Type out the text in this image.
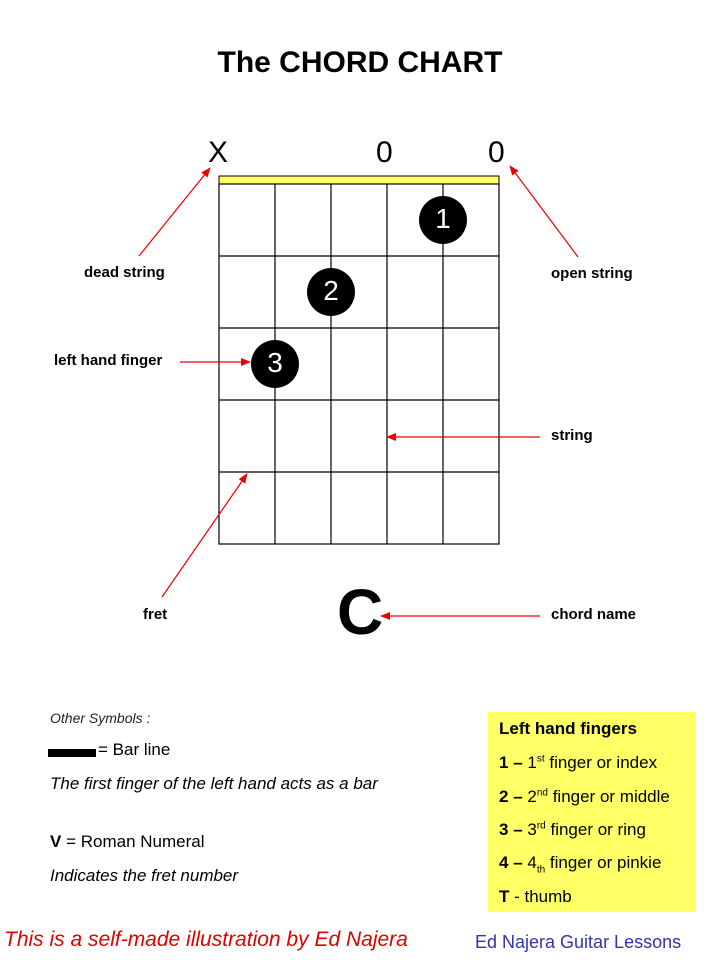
The CHORD CHART
X	0	0
1
2
3
dead string	open string
left hand finger
string
fret	chord name
C
Other Symbols :
= Bar line
The first finger of the left hand acts as a bar
V = Roman Numeral
Indicates the fret number
Left hand fingers
1 – 1st finger or index
2 – 2nd finger or middle
3 – 3rd finger or ring
$4 - 4_{th}$ finger or pinkie
T - thumb
This is a self-made illustration by Ed Najera	Ed Najera Guitar Lessons
